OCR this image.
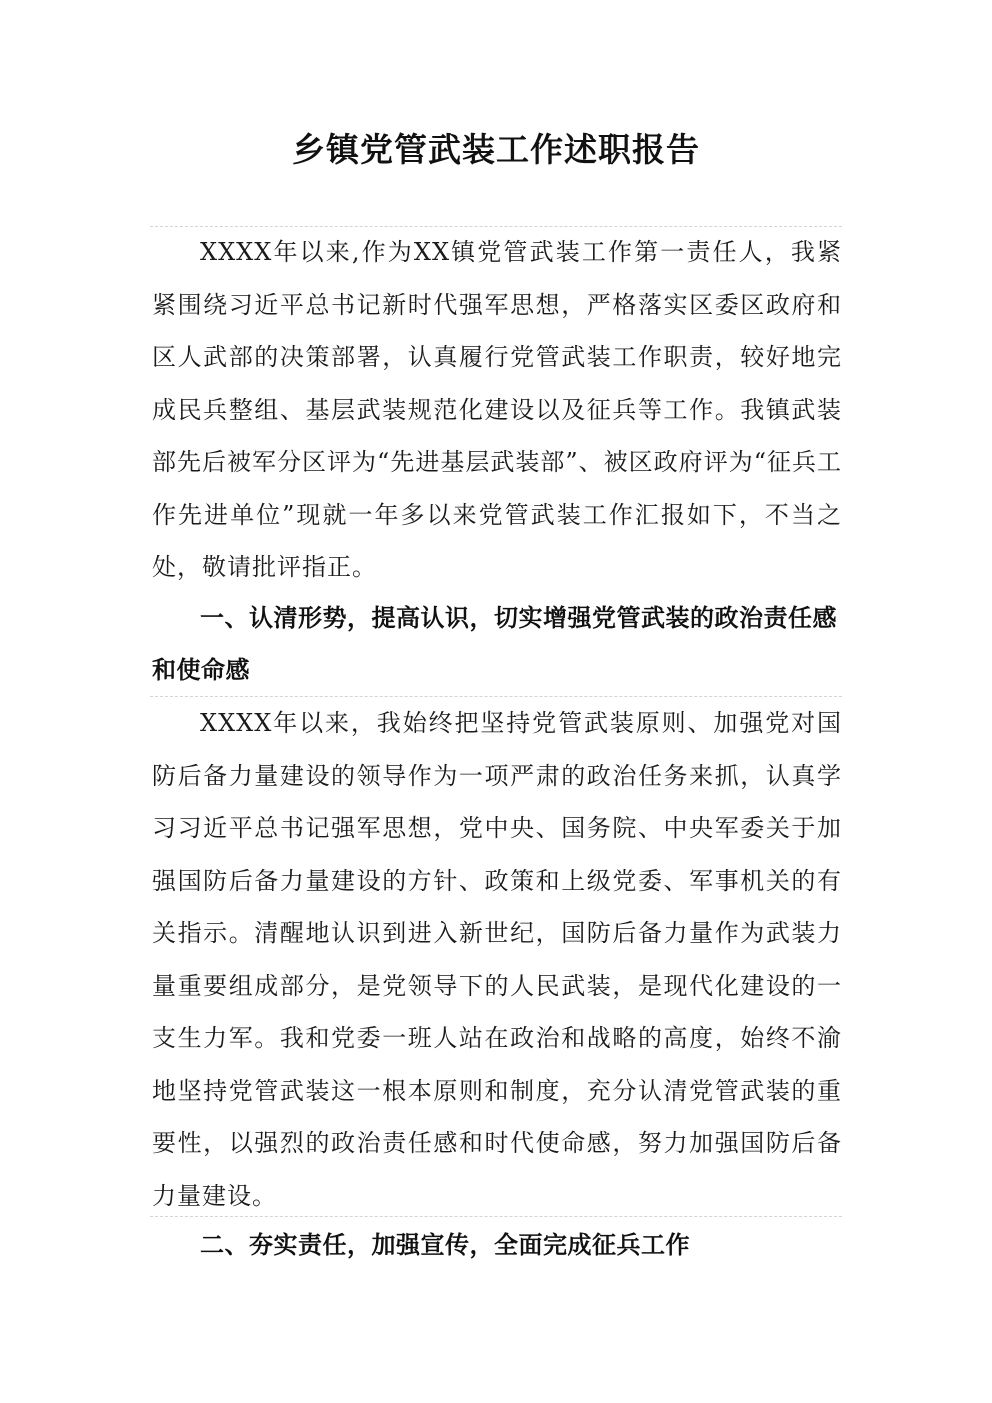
乡镇党管武装工作述职报告

XXXX年以来,作为XX镇党管武装工作第一责任人，我紧紧围绕习近平总书记新时代强军思想，严格落实区委区政府和区人武部的决策部署，认真履行党管武装工作职责，较好地完成民兵整组、基层武装规范化建设以及征兵等工作。我镇武装部先后被军分区评为“先进基层武装部”、被区政府评为“征兵工作先进单位”现就一年多以来党管武装工作汇报如下，不当之处，敬请批评指正。

一、认清形势，提高认识，切实增强党管武装的政治责任感和使命感

XXXX年以来，我始终把坚持党管武装原则、加强党对国防后备力量建设的领导作为一项严肃的政治任务来抓，认真学习习近平总书记强军思想，党中央、国务院、中央军委关于加强国防后备力量建设的方针、政策和上级党委、军事机关的有关指示。清醒地认识到进入新世纪，国防后备力量作为武装力量重要组成部分，是党领导下的人民武装，是现代化建设的一支生力军。我和党委一班人站在政治和战略的高度，始终不渝地坚持党管武装这一根本原则和制度，充分认清党管武装的重要性，以强烈的政治责任感和时代使命感，努力加强国防后备力量建设。

二、夯实责任，加强宣传，全面完成征兵工作
